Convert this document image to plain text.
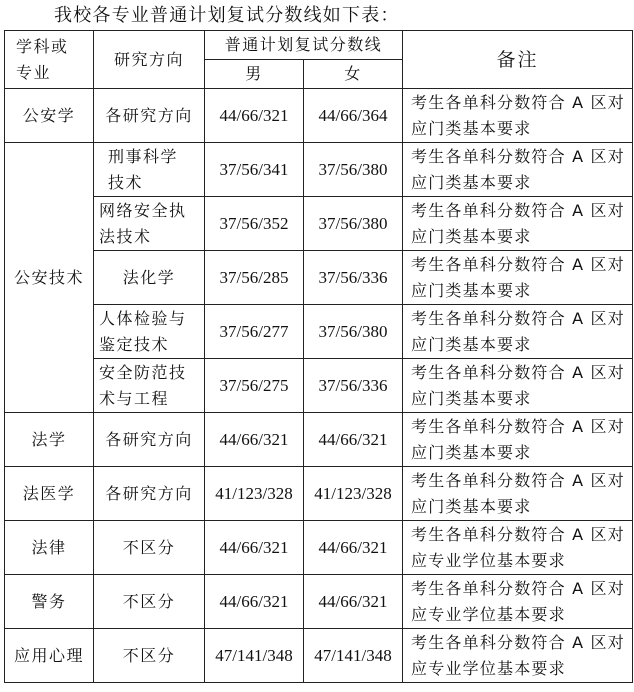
我校各专业普通计划复试分数线如下表：
学科或专业	研究方向	普通计划复试分数线		备注
		男	女	
公安学	各研究方向	44/66/321	44/66/364	考生各单科分数符合 A 区对应门类基本要求
公安技术	刑事科学技术	37/56/341	37/56/380	考生各单科分数符合 A 区对应门类基本要求
	网络安全执法技术	37/56/352	37/56/380	考生各单科分数符合 A 区对应门类基本要求
	法化学	37/56/285	37/56/336	考生各单科分数符合 A 区对应门类基本要求
	人体检验与鉴定技术	37/56/277	37/56/380	考生各单科分数符合 A 区对应门类基本要求
	安全防范技术与工程	37/56/275	37/56/336	考生各单科分数符合 A 区对应门类基本要求
法学	各研究方向	44/66/321	44/66/321	考生各单科分数符合 A 区对应门类基本要求
法医学	各研究方向	41/123/328	41/123/328	考生各单科分数符合 A 区对应门类基本要求
法律	不区分	44/66/321	44/66/321	考生各单科分数符合 A 区对应专业学位基本要求
警务	不区分	44/66/321	44/66/321	考生各单科分数符合 A 区对应专业学位基本要求
应用心理	不区分	47/141/348	47/141/348	考生各单科分数符合 A 区对应专业学位基本要求
